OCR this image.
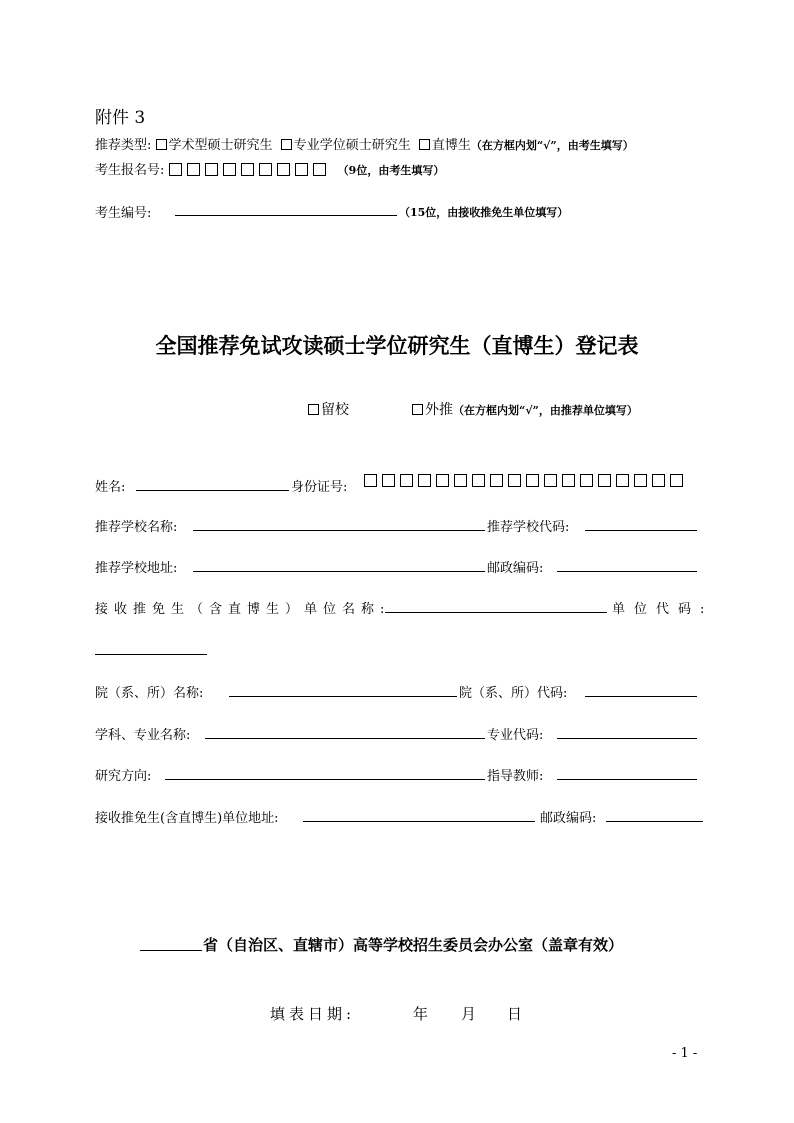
附件 3
推荐类型: 学术型硕士研究生 专业学位硕士研究生 直博生（在方框内划“√”，由考生填写）
考生报名号:	（9位，由考生填写）
考生编号:	（15位，由接收推免生单位填写）
全国推荐免试攻读硕士学位研究生（直博生）登记表
留校	外推（在方框内划“√”，由推荐单位填写）
姓名:	身份证号:
推荐学校名称:	推荐学校代码:
推荐学校地址:	邮政编码:
接收推免生（含直博生）单位名称:	单位代码:
院（系、所）名称:	院（系、所）代码:
学科、专业名称:	专业代码:
研究方向:	指导教师:
接收推免生(含直博生)单位地址:	邮政编码:
省（自治区、直辖市）高等学校招生委员会办公室（盖章有效）
填表日期:	年 月 日
- 1 -
